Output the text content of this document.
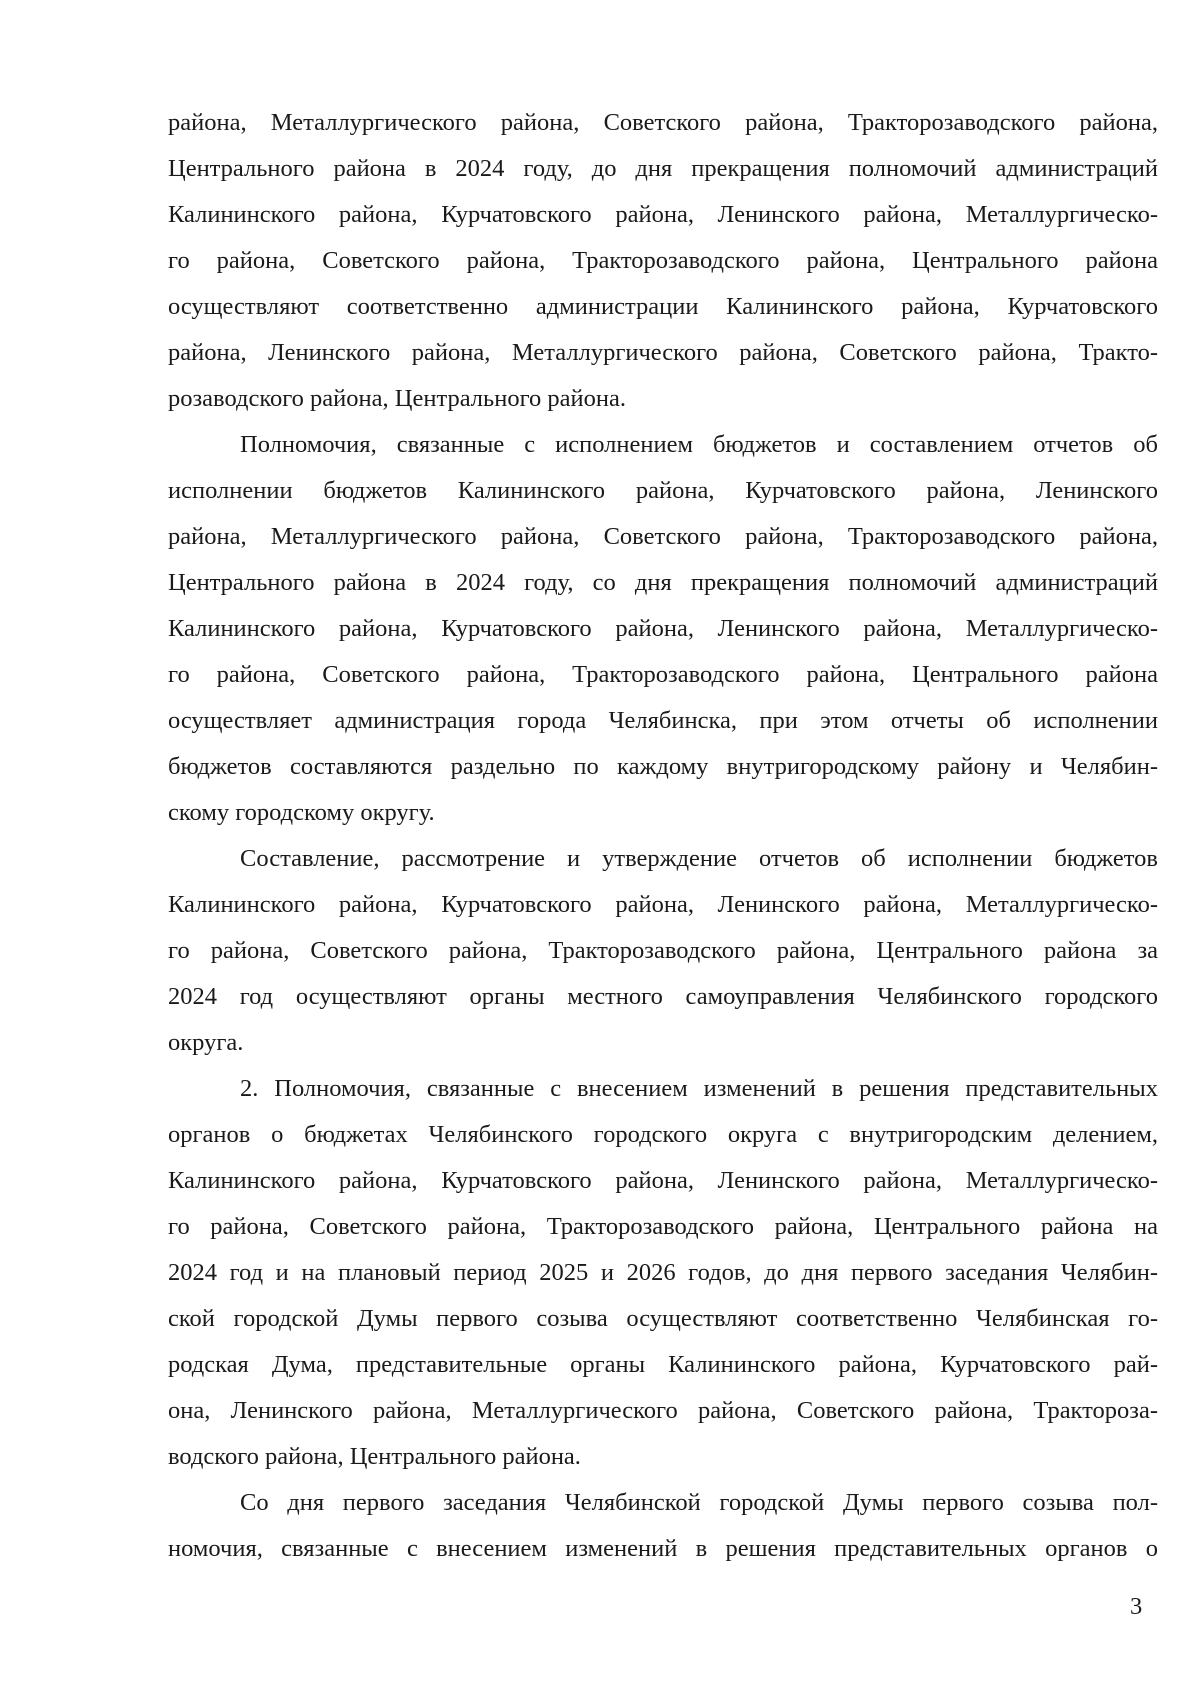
района, Металлургического района, Советского района, Тракторозаводского района,
Центрального района в 2024 году, до дня прекращения полномочий администраций
Калининского района, Курчатовского района, Ленинского района, Металлургическо-
го района, Советского района, Тракторозаводского района, Центрального района
осуществляют соответственно администрации Калининского района, Курчатовского
района, Ленинского района, Металлургического района, Советского района, Тракто-
розаводского района, Центрального района.
Полномочия, связанные с исполнением бюджетов и составлением отчетов об
исполнении бюджетов Калининского района, Курчатовского района, Ленинского
района, Металлургического района, Советского района, Тракторозаводского района,
Центрального района в 2024 году, со дня прекращения полномочий администраций
Калининского района, Курчатовского района, Ленинского района, Металлургическо-
го района, Советского района, Тракторозаводского района, Центрального района
осуществляет администрация города Челябинска, при этом отчеты об исполнении
бюджетов составляются раздельно по каждому внутригородскому району и Челябин-
скому городскому округу.
Составление, рассмотрение и утверждение отчетов об исполнении бюджетов
Калининского района, Курчатовского района, Ленинского района, Металлургическо-
го района, Советского района, Тракторозаводского района, Центрального района за
2024 год осуществляют органы местного самоуправления Челябинского городского
округа.
2. Полномочия, связанные с внесением изменений в решения представительных
органов о бюджетах Челябинского городского округа с внутригородским делением,
Калининского района, Курчатовского района, Ленинского района, Металлургическо-
го района, Советского района, Тракторозаводского района, Центрального района на
2024 год и на плановый период 2025 и 2026 годов, до дня первого заседания Челябин-
ской городской Думы первого созыва осуществляют соответственно Челябинская го-
родская Дума, представительные органы Калининского района, Курчатовского рай-
она, Ленинского района, Металлургического района, Советского района, Трактороза-
водского района, Центрального района.
Со дня первого заседания Челябинской городской Думы первого созыва пол-
номочия, связанные с внесением изменений в решения представительных органов о
3
